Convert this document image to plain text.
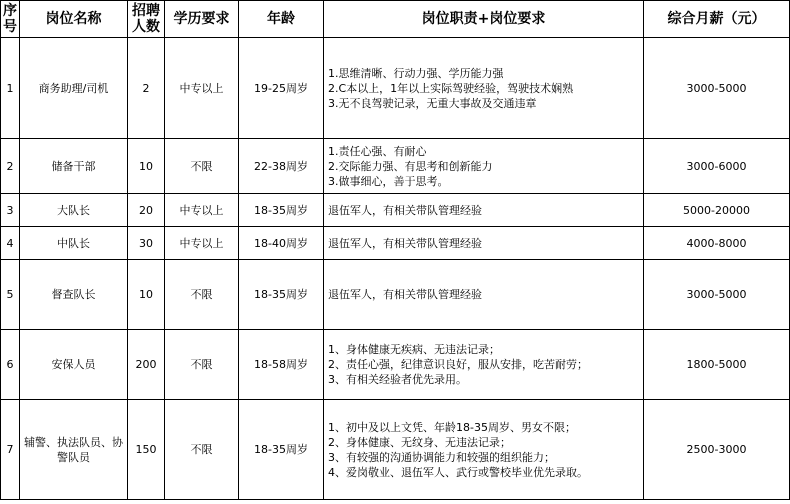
序号	岗位名称	招聘人数	学历要求	年龄	岗位职责+岗位要求	综合月薪（元）
1	商务助理/司机	2	中专以上	19-25周岁	1.思维清晰、行动力强、学历能力强
2.C本以上，1年以上实际驾驶经验，驾驶技术娴熟
3.无不良驾驶记录，无重大事故及交通违章	3000-5000
2	储备干部	10	不限	22-38周岁	1.责任心强、有耐心
2.交际能力强、有思考和创新能力
3.做事细心，善于思考。	3000-6000
3	大队长	20	中专以上	18-35周岁	退伍军人，有相关带队管理经验	5000-20000
4	中队长	30	中专以上	18-40周岁	退伍军人，有相关带队管理经验	4000-8000
5	督查队长	10	不限	18-35周岁	退伍军人，有相关带队管理经验	3000-5000
6	安保人员	200	不限	18-58周岁	1、身体健康无疾病、无违法记录；
2、责任心强，纪律意识良好，服从安排，吃苦耐劳；
3、有相关经验者优先录用。	1800-5000
7	辅警、执法队员、协警队员	150	不限	18-35周岁	1、初中及以上文凭、年龄18-35周岁、男女不限；
2、身体健康、无纹身、无违法记录；
3、有较强的沟通协调能力和较强的组织能力；
4、爱岗敬业、退伍军人、武行或警校毕业优先录取。	2500-3000
